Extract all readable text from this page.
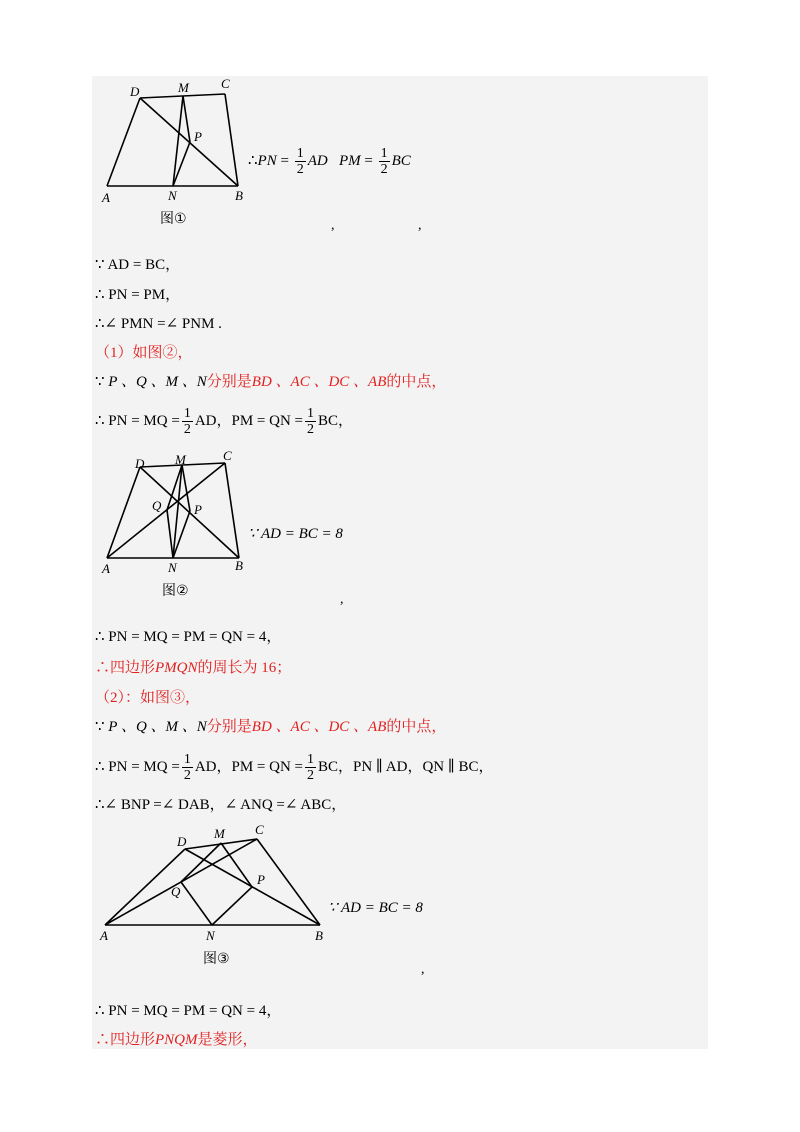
D	M C
P
A	N	B
图①
∴PN = $\frac{1}{2}$ AD PM = $\frac{1}{2}$ BC
,	,
∵ AD = BC，
∴ PN = PM，
∴∠ PMN =∠ PNM .
（1）如图②，
∵ P 、Q 、M 、N分别是BD 、AC 、DC 、AB的中点，
∴ PN = MQ = $\frac{1}{2}$ AD，PM = QN = $\frac{1}{2}$ BC，
D M	C
Q	P
A	N	B
图②
∵ AD = BC = 8
,
∴ PN = MQ = PM = QN = 4，
∴四边形PMQN的周长为 16；
（2）：如图③，
∵ P 、Q 、M 、N分别是BD 、AC 、DC 、AB的中点，
∴ PN = MQ = $\frac{1}{2}$ AD，PM = QN = $\frac{1}{2}$ BC，PN ∥ AD，QN ∥ BC，
∴∠ BNP =∠ DAB，∠ ANQ =∠ ABC，
D
M C
Q
P
A	N	B
图③
∵ AD = BC = 8
,
∴ PN = MQ = PM = QN = 4，
∴四边形PNQM是菱形，
